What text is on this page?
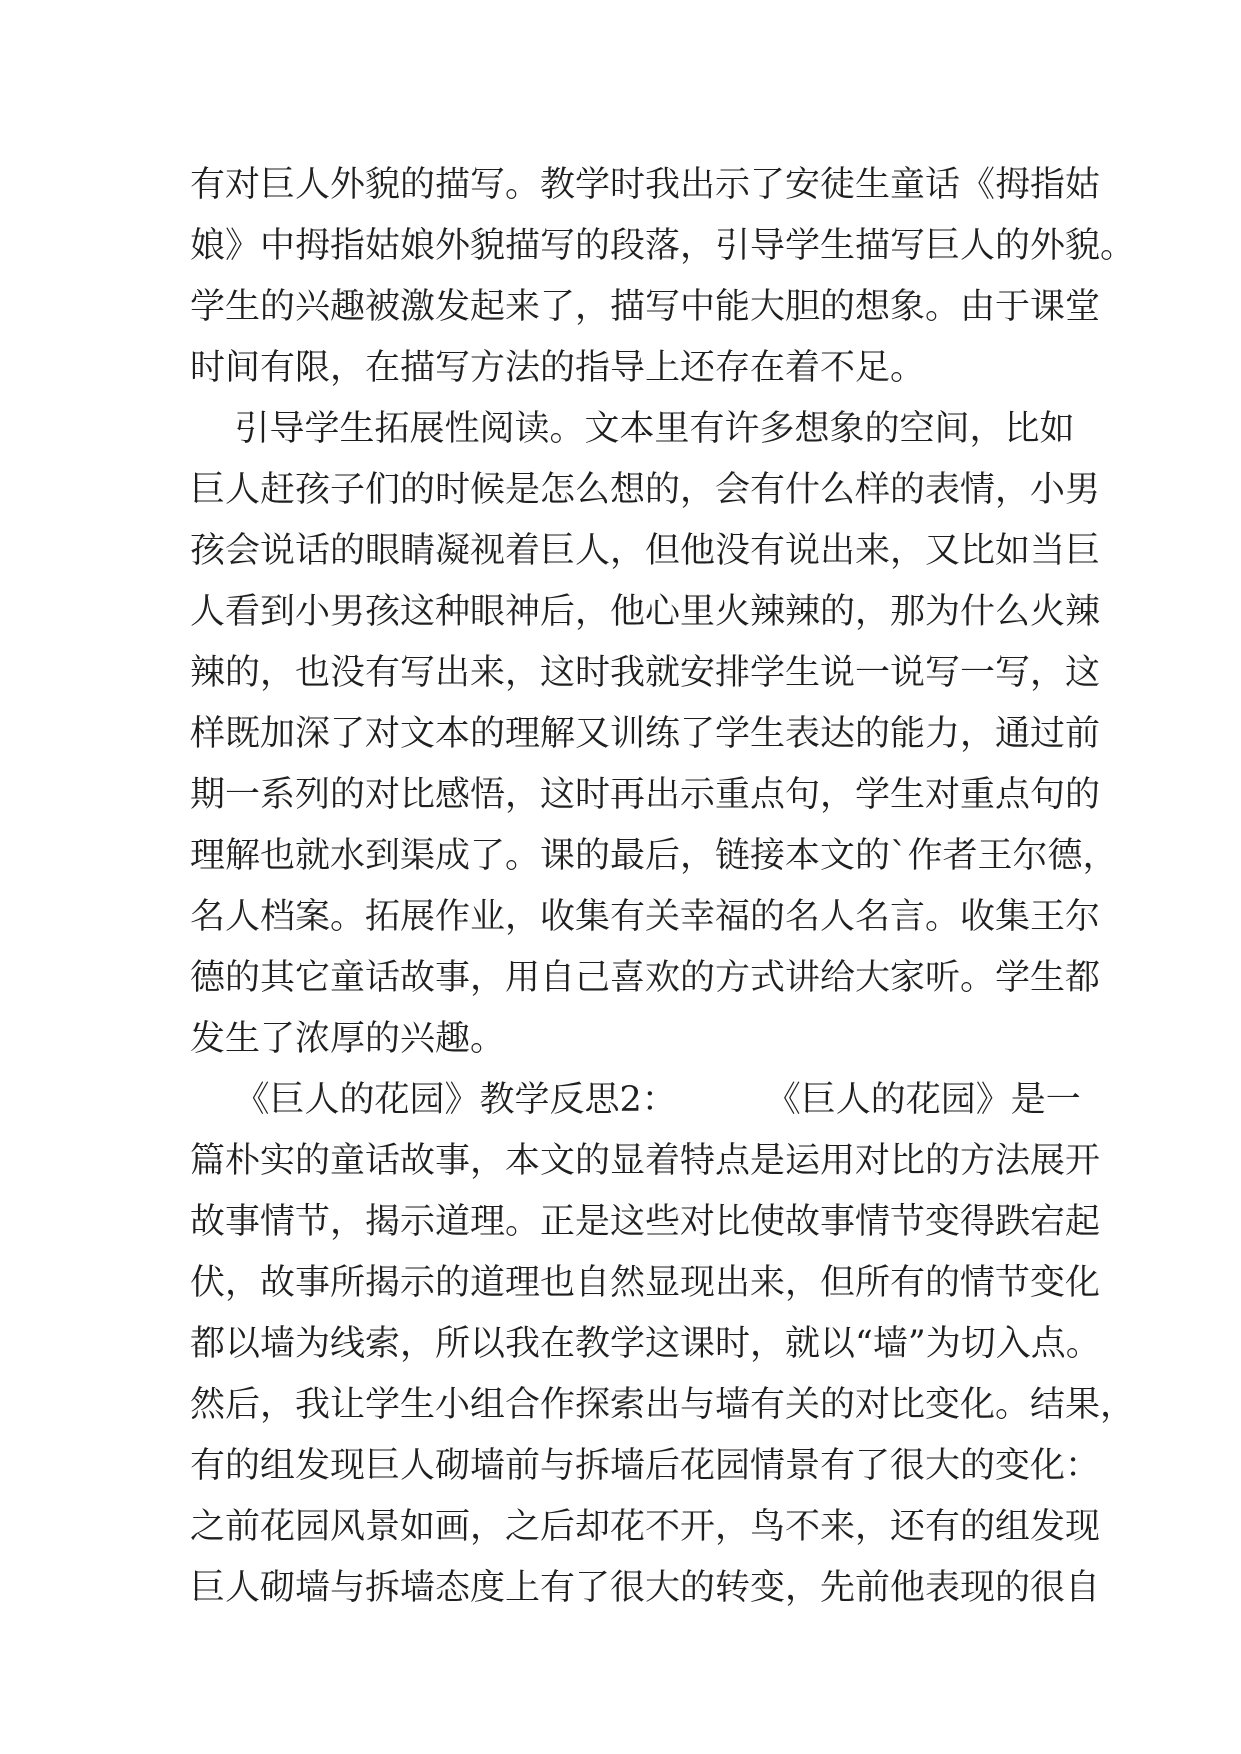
有对巨人外貌的描写。教学时我出示了安徒生童话《拇指姑
娘》中拇指姑娘外貌描写的段落，引导学生描写巨人的外貌。
学生的兴趣被激发起来了，描写中能大胆的想象。由于课堂
时间有限，在描写方法的指导上还存在着不足。
引导学生拓展性阅读。文本里有许多想象的空间，比如
巨人赶孩子们的时候是怎么想的，会有什么样的表情，小男
孩会说话的眼睛凝视着巨人，但他没有说出来，又比如当巨
人看到小男孩这种眼神后，他心里火辣辣的，那为什么火辣
辣的，也没有写出来，这时我就安排学生说一说写一写，这
样既加深了对文本的理解又训练了学生表达的能力，通过前
期一系列的对比感悟，这时再出示重点句，学生对重点句的
理解也就水到渠成了。课的最后，链接本文的`作者王尔德，
名人档案。拓展作业，收集有关幸福的名人名言。收集王尔
德的其它童话故事，用自己喜欢的方式讲给大家听。学生都
发生了浓厚的兴趣。
《巨人的花园》教学反思2：        《巨人的花园》是一
篇朴实的童话故事，本文的显着特点是运用对比的方法展开
故事情节，揭示道理。正是这些对比使故事情节变得跌宕起
伏，故事所揭示的道理也自然显现出来，但所有的情节变化
都以墙为线索，所以我在教学这课时，就以“墙”为切入点。
然后，我让学生小组合作探索出与墙有关的对比变化。结果，
有的组发现巨人砌墙前与拆墙后花园情景有了很大的变化：
之前花园风景如画，之后却花不开，鸟不来，还有的组发现
巨人砌墙与拆墙态度上有了很大的转变，先前他表现的很自
